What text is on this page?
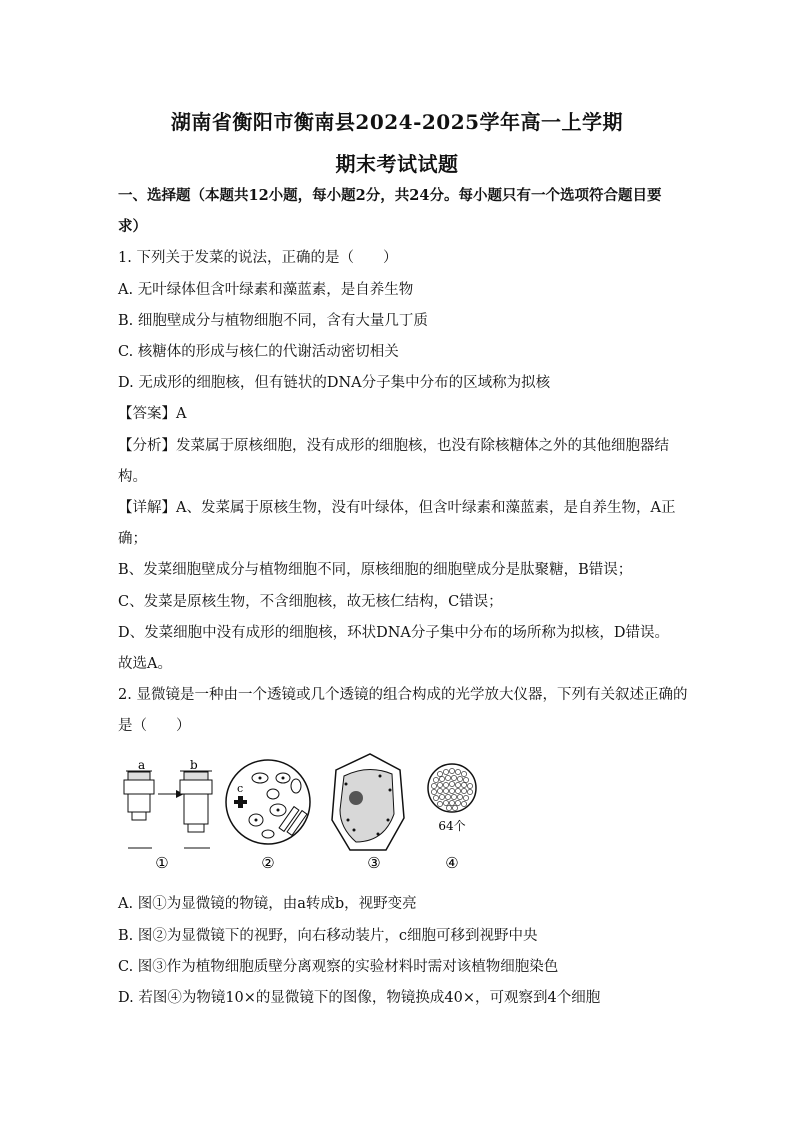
湖南省衡阳市衡南县2024-2025学年高一上学期
期末考试试题
一、选择题（本题共12小题，每小题2分，共24分。每小题只有一个选项符合题目要
求）
1. 下列关于发菜的说法，正确的是（　　）
A. 无叶绿体但含叶绿素和藻蓝素，是自养生物
B. 细胞壁成分与植物细胞不同，含有大量几丁质
C. 核糖体的形成与核仁的代谢活动密切相关
D. 无成形的细胞核，但有链状的DNA分子集中分布的区域称为拟核
【答案】A
【分析】发菜属于原核细胞，没有成形的细胞核，也没有除核糖体之外的其他细胞器结
构。
【详解】A、发菜属于原核生物，没有叶绿体，但含叶绿素和藻蓝素，是自养生物，A正
确；
B、发菜细胞壁成分与植物细胞不同，原核细胞的细胞壁成分是肽聚糖，B错误；
C、发菜是原核生物，不含细胞核，故无核仁结构，C错误；
D、发菜细胞中没有成形的细胞核，环状DNA分子集中分布的场所称为拟核，D错误。
故选A。
2. 显微镜是一种由一个透镜或几个透镜的组合构成的光学放大仪器，下列有关叙述正确的
是（　　）
a	b
①
c
②	③
64个
④
A. 图①为显微镜的物镜，由a转成b，视野变亮
B. 图②为显微镜下的视野，向右移动装片，c细胞可移到视野中央
C. 图③作为植物细胞质壁分离观察的实验材料时需对该植物细胞染色
D. 若图④为物镜10×的显微镜下的图像，物镜换成40×，可观察到4个细胞
